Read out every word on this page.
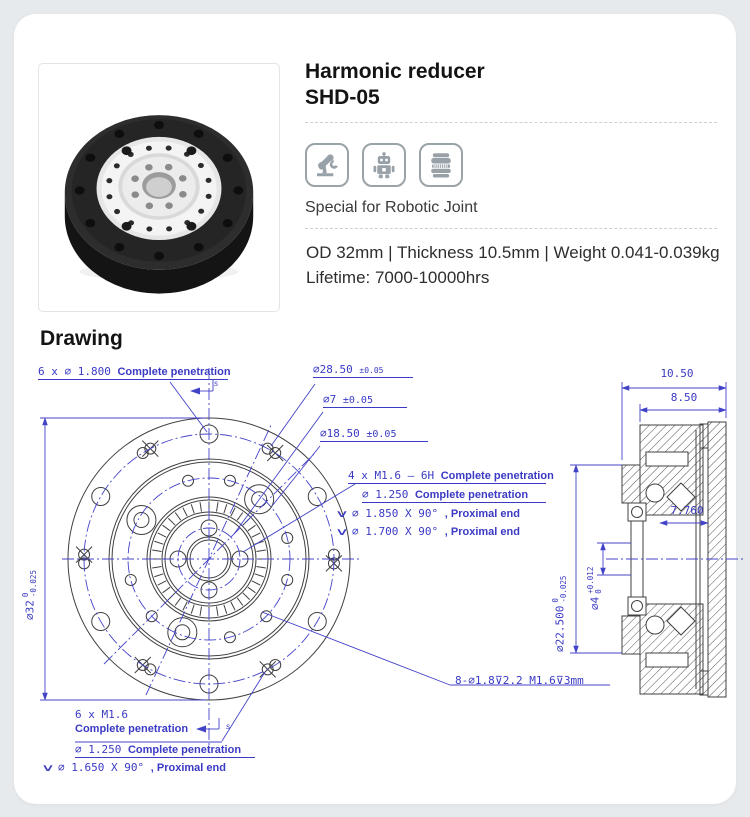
Harmonic reducer
SHD-05
Special for Robotic Joint
OD 32mm | Thickness 10.5mm | Weight 0.041-0.039kg
Lifetime: 7000-10000hrs
Drawing
6 x ⌀ 1.800 Complete penetration
s
⌀28.50 ±0.05
⌀7 ±0.05
⌀18.50 ±0.05
4 x M1.6 – 6H Complete penetration
⌀ 1.250 Complete penetration
∨ ⌀ 1.850 X 90° , Proximal end
∨ ⌀ 1.700 X 90° , Proximal end
⌀32
0 -0.025
8-⌀1.8⊽2.2 M1.6⊽3mm
6 x M1.6
Complete penetration	s
⌀ 1.250 Complete penetration
∨ ⌀ 1.650 X 90° , Proximal end
10.50
8.50
7.760
⌀22.500
0 -0.025
⌀4
+0.012 0
